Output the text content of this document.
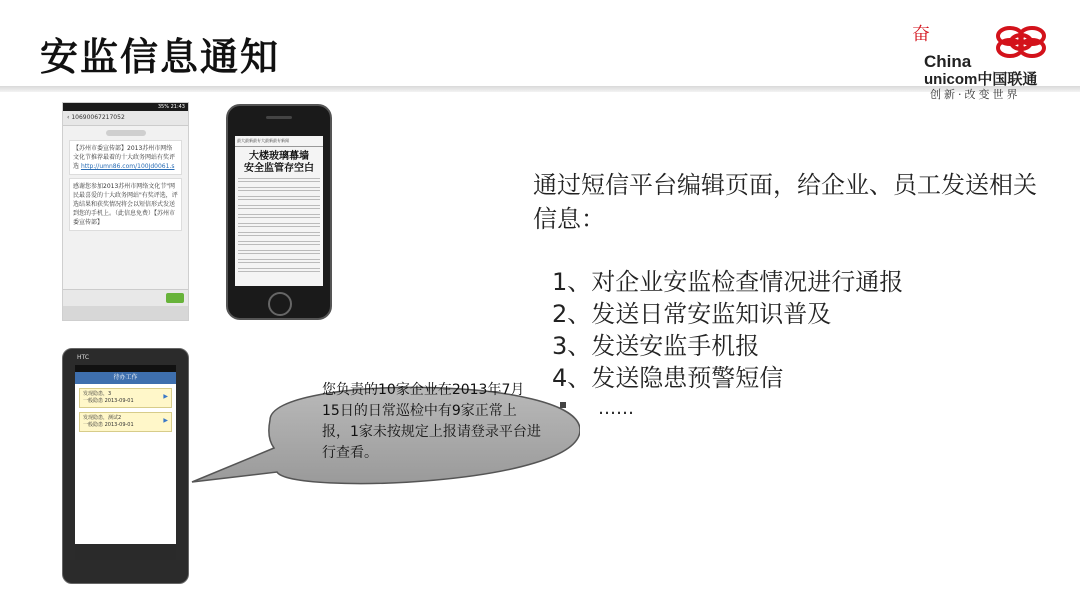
安监信息通知
奋
China
unicom中国联通
创新·改变世界
35% 21:43
‹ 10690067217052
【苏州市委宣传部】2013苏州市网络文化节推荐最着的十大政务网站有奖评选 http://umn86.com/100Jd0061.s
感谢您参加2013苏州市网络文化节"网民最喜爱的十大政务网站"有奖评选，评选结果和获奖情况将会以短信形式发送到您的手机上。（此信息免费）【苏州市委宣传部】
最大最新最专大最新最专新闻
大楼玻璃幕墙
安全监管存空白
HTC
待办工作
发现隐患，3
一般隐患 2013-09-01
▶
发现隐患，测试2
一般隐患 2013-09-01
▶
您负责的10家企业在2013年7月15日的日常巡检中有9家正常上报，1家未按规定上报请登录平台进行查看。
通过短信平台编辑页面，给企业、员工发送相关信息：
1、对企业安监检查情况进行通报
2、发送日常安监知识普及
3、发送安监手机报
4、发送隐患预警短信
……
